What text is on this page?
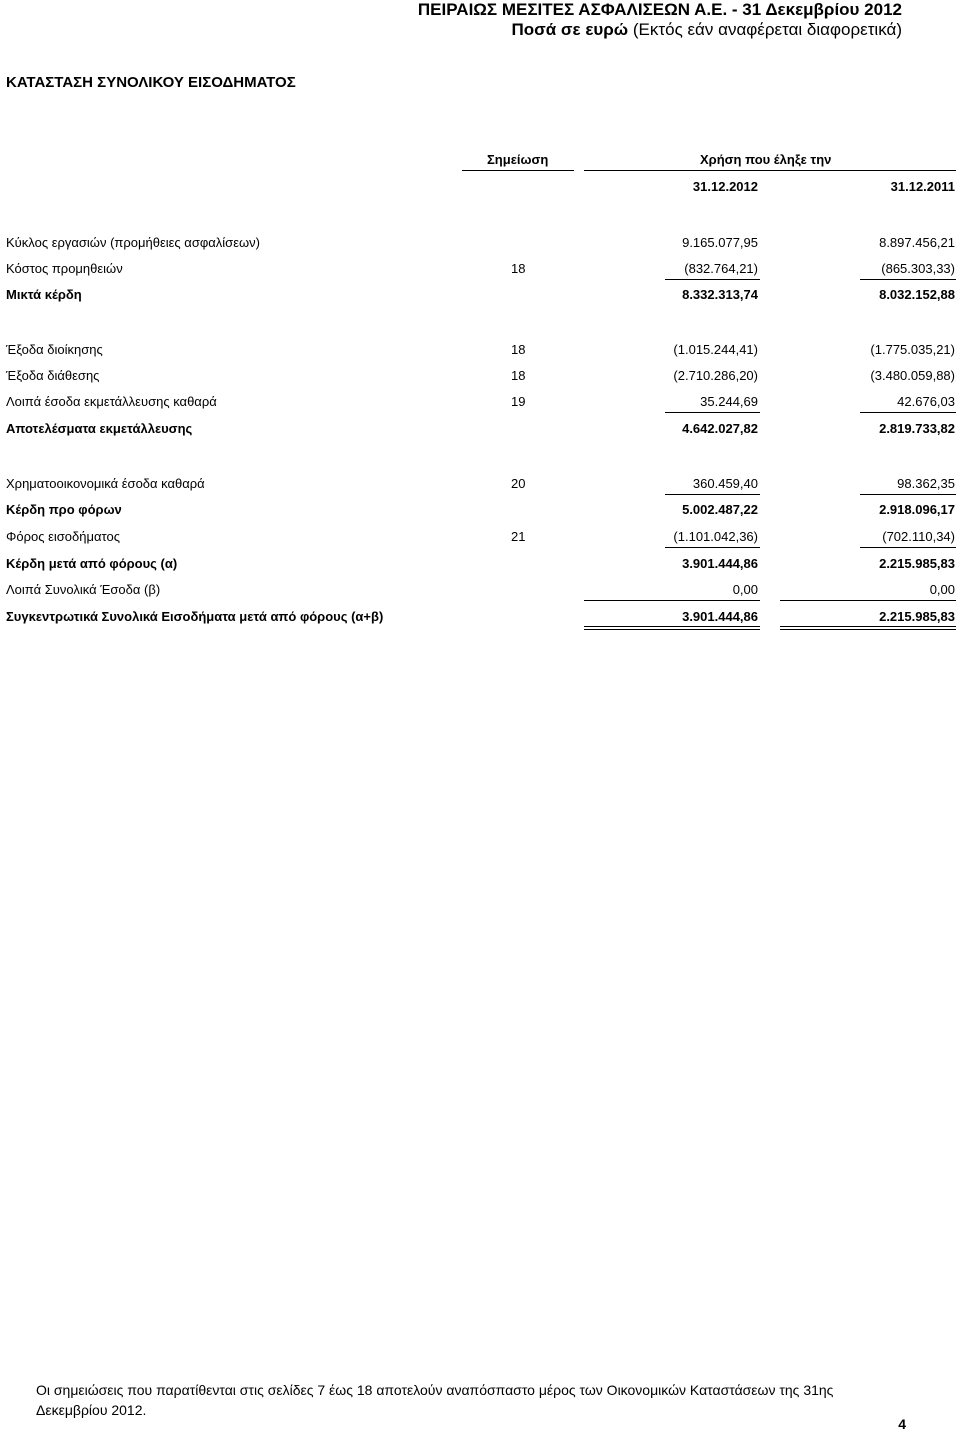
ΠΕΙΡΑΙΩΣ ΜΕΣΙΤΕΣ ΑΣΦΑΛΙΣΕΩΝ Α.Ε. - 31 Δεκεμβρίου 2012
Ποσά σε ευρώ (Εκτός εάν αναφέρεται διαφορετικά)
ΚΑΤΑΣΤΑΣΗ ΣΥΝΟΛΙΚΟΥ ΕΙΣΟΔΗΜΑΤΟΣ
Σημείωση	Χρήση που έληξε την
31.12.2012	31.12.2011
Κύκλος εργασιών (προμήθειες ασφαλίσεων)	9.165.077,95	8.897.456,21
Κόστος προμηθειών	18	(832.764,21)	(865.303,33)
Μικτά κέρδη	8.332.313,74	8.032.152,88
Έξοδα διοίκησης	18	(1.015.244,41)	(1.775.035,21)
Έξοδα διάθεσης	18	(2.710.286,20)	(3.480.059,88)
Λοιπά έσοδα εκμετάλλευσης καθαρά	19	35.244,69	42.676,03
Αποτελέσματα εκμετάλλευσης	4.642.027,82	2.819.733,82
Χρηματοοικονομικά έσοδα καθαρά	20	360.459,40	98.362,35
Κέρδη προ φόρων	5.002.487,22	2.918.096,17
Φόρος εισοδήματος	21	(1.101.042,36)	(702.110,34)
Κέρδη μετά από φόρους (α)	3.901.444,86	2.215.985,83
Λοιπά Συνολικά Έσοδα (β)	0,00	0,00
Συγκεντρωτικά Συνολικά Εισοδήματα μετά από φόρους (α+β)	3.901.444,86	2.215.985,83
Οι σημειώσεις που παρατίθενται στις σελίδες 7 έως 18 αποτελούν αναπόσπαστο μέρος των Οικονομικών Καταστάσεων της 31ης Δεκεμβρίου 2012.
4
